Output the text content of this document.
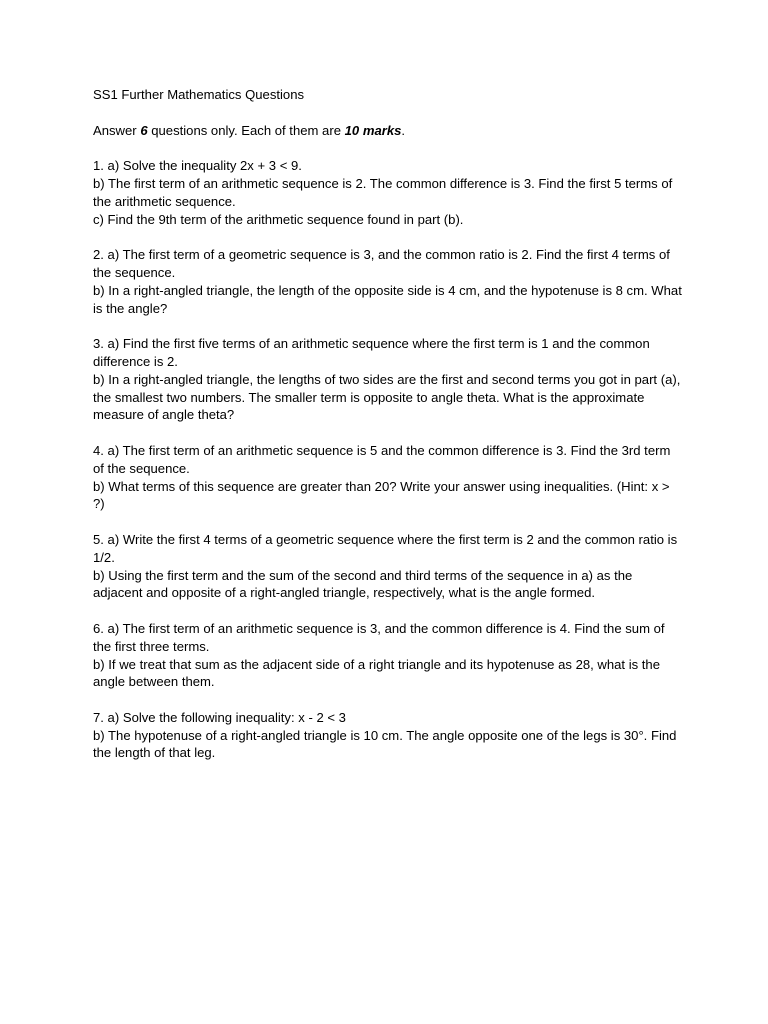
SS1 Further Mathematics Questions
Answer 6 questions only. Each of them are 10 marks.
1. a) Solve the inequality 2x + 3 < 9.
b) The first term of an arithmetic sequence is 2. The common difference is 3. Find the first 5 terms of the arithmetic sequence.
c) Find the 9th term of the arithmetic sequence found in part (b).
2. a) The first term of a geometric sequence is 3, and the common ratio is 2. Find the first 4 terms of the sequence.
b) In a right-angled triangle, the length of the opposite side is 4 cm, and the hypotenuse is 8 cm. What is the angle?
3. a) Find the first five terms of an arithmetic sequence where the first term is 1 and the common difference is 2.
b) In a right-angled triangle, the lengths of two sides are the first and second terms you got in part (a), the smallest two numbers. The smaller term is opposite to angle theta. What is the approximate measure of angle theta?
4. a) The first term of an arithmetic sequence is 5 and the common difference is 3. Find the 3rd term of the sequence.
b) What terms of this sequence are greater than 20? Write your answer using inequalities. (Hint: x > ?)
5. a) Write the first 4 terms of a geometric sequence where the first term is 2 and the common ratio is 1/2.
b) Using the first term and the sum of the second and third terms of the sequence in a) as the adjacent and opposite of a right-angled triangle, respectively, what is the angle formed.
6. a) The first term of an arithmetic sequence is 3, and the common difference is 4. Find the sum of the first three terms.
b) If we treat that sum as the adjacent side of a right triangle and its hypotenuse as 28, what is the angle between them.
7. a) Solve the following inequality: x - 2 < 3
b) The hypotenuse of a right-angled triangle is 10 cm. The angle opposite one of the legs is 30°. Find the length of that leg.
